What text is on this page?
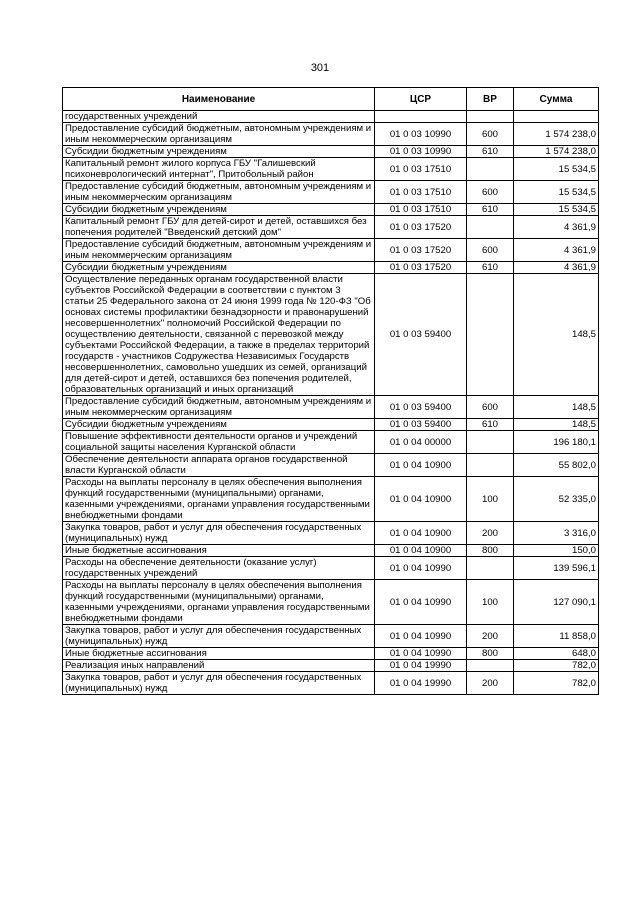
301
Наименование	ЦСР	ВР	Сумма
государственных учреждений			
Предоставление субсидий бюджетным, автономным учреждениям и иным некоммерческим организациям	01 0 03 10990	600	1 574 238,0
Субсидии бюджетным учреждениям	01 0 03 10990	610	1 574 238,0
Капитальный ремонт жилого корпуса ГБУ "Галишевский психоневрологический интернат", Притобольный район	01 0 03 17510		15 534,5
Предоставление субсидий бюджетным, автономным учреждениям и иным некоммерческим организациям	01 0 03 17510	600	15 534,5
Субсидии бюджетным учреждениям	01 0 03 17510	610	15 534,5
Капитальный ремонт ГБУ для детей-сирот и детей, оставшихся без попечения родителей "Введенский детский дом"	01 0 03 17520		4 361,9
Предоставление субсидий бюджетным, автономным учреждениям и иным некоммерческим организациям	01 0 03 17520	600	4 361,9
Субсидии бюджетным учреждениям	01 0 03 17520	610	4 361,9
Осуществление переданных органам государственной власти субъектов Российской Федерации в соответствии с пунктом 3 статьи 25 Федерального закона от 24 июня 1999 года № 120-ФЗ "Об основах системы профилактики безнадзорности и правонарушений несовершеннолетних" полномочий Российской Федерации по осуществлению деятельности, связанной с перевозкой между субъектами Российской Федерации, а также в пределах территорий государств - участников Содружества Независимых Государств несовершеннолетних, самовольно ушедших из семей, организаций для детей-сирот и детей, оставшихся без попечения родителей, образовательных организаций и иных организаций	01 0 03 59400		148,5
Предоставление субсидий бюджетным, автономным учреждениям и иным некоммерческим организациям	01 0 03 59400	600	148,5
Субсидии бюджетным учреждениям	01 0 03 59400	610	148,5
Повышение эффективности деятельности органов и учреждений социальной защиты населения Курганской области	01 0 04 00000		196 180,1
Обеспечение деятельности аппарата органов государственной власти Курганской области	01 0 04 10900		55 802,0
Расходы на выплаты персоналу в целях обеспечения выполнения функций государственными (муниципальными) органами, казенными учреждениями, органами управления государственными внебюджетными фондами	01 0 04 10900	100	52 335,0
Закупка товаров, работ и услуг для обеспечения государственных (муниципальных) нужд	01 0 04 10900	200	3 316,0
Иные бюджетные ассигнования	01 0 04 10900	800	150,0
Расходы на обеспечение деятельности (оказание услуг) государственных учреждений	01 0 04 10990		139 596,1
Расходы на выплаты персоналу в целях обеспечения выполнения функций государственными (муниципальными) органами, казенными учреждениями, органами управления государственными внебюджетными фондами	01 0 04 10990	100	127 090,1
Закупка товаров, работ и услуг для обеспечения государственных (муниципальных) нужд	01 0 04 10990	200	11 858,0
Иные бюджетные ассигнования	01 0 04 10990	800	648,0
Реализация иных направлений	01 0 04 19990		782,0
Закупка товаров, работ и услуг для обеспечения государственных (муниципальных) нужд	01 0 04 19990	200	782,0
